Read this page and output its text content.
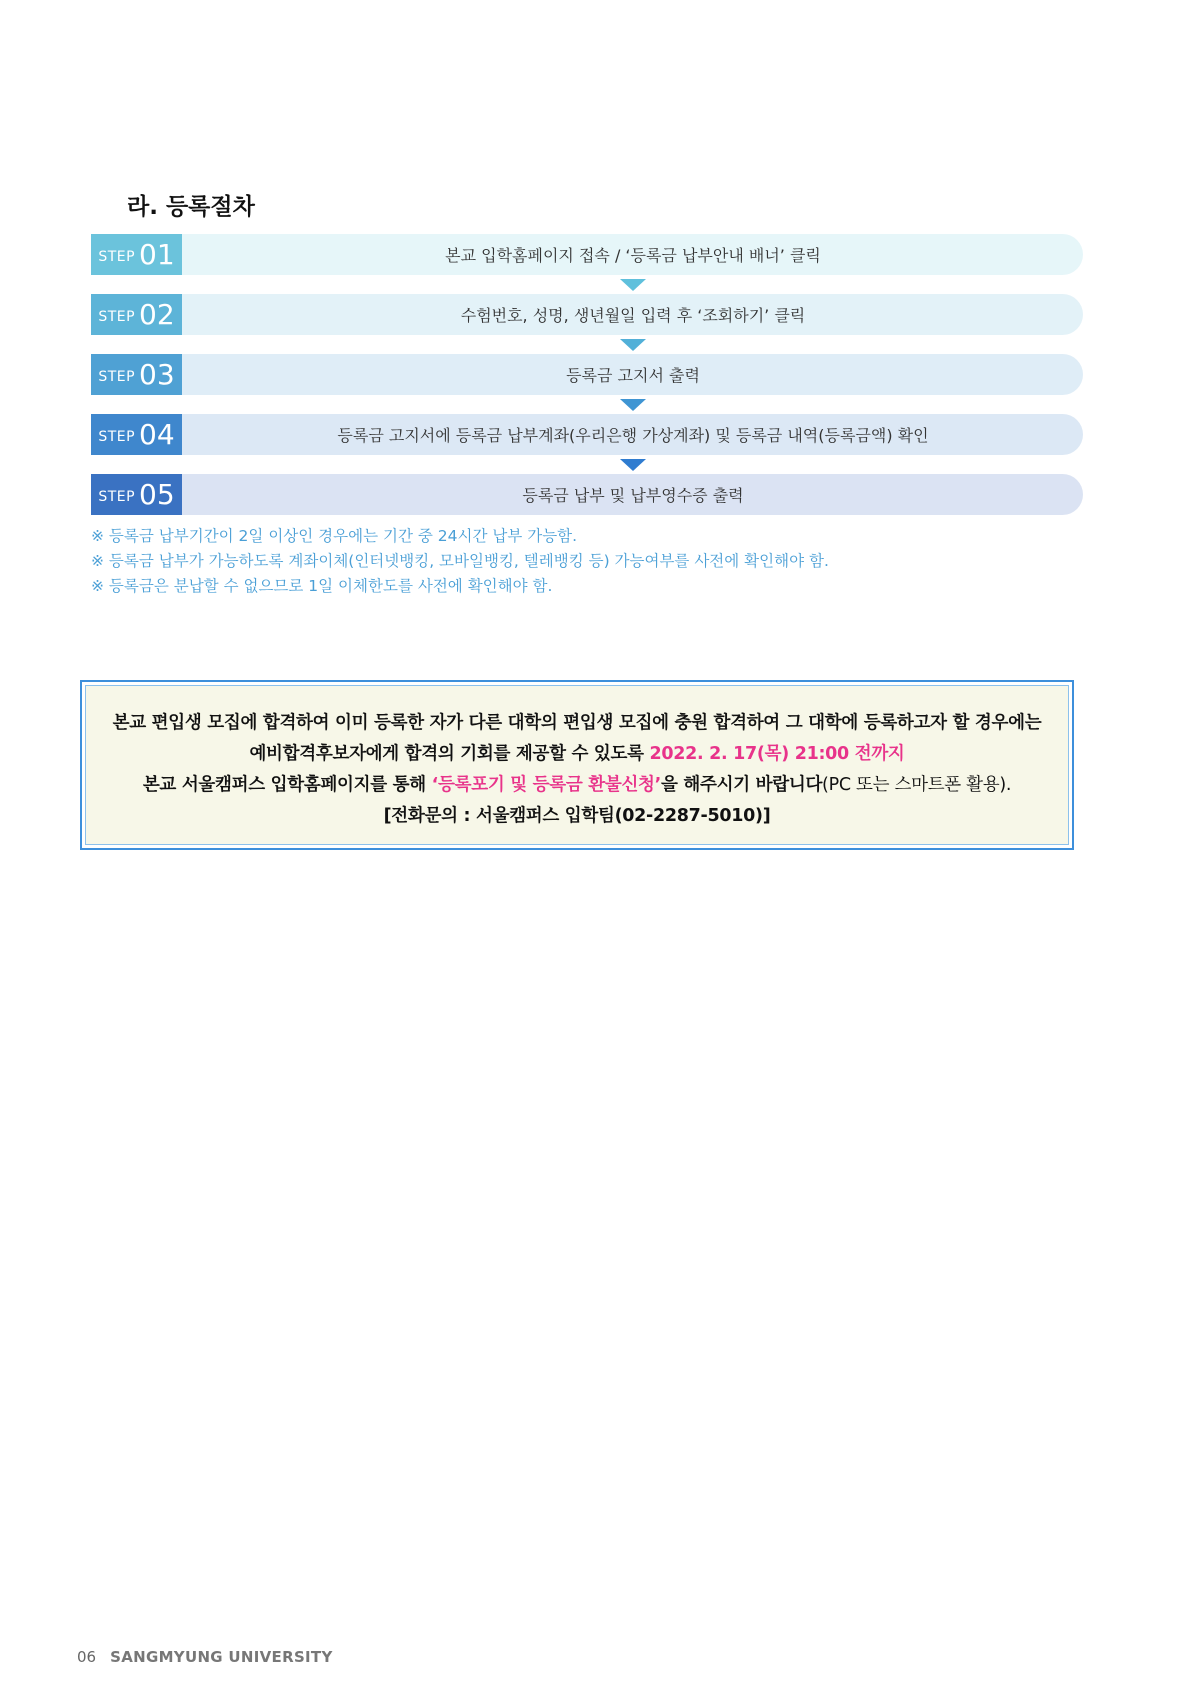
라. 등록절차
STEP 01	본교 입학홈페이지 접속 / ‘등록금 납부안내 배너’ 클릭
STEP 02	수험번호, 성명, 생년월일 입력 후 ‘조회하기’ 클릭
STEP 03	등록금 고지서 출력
STEP 04	등록금 고지서에 등록금 납부계좌(우리은행 가상계좌) 및 등록금 내역(등록금액) 확인
STEP 05	등록금 납부 및 납부영수증 출력

※ 등록금 납부기간이 2일 이상인 경우에는 기간 중 24시간 납부 가능함.

※ 등록금 납부가 가능하도록 계좌이체(인터넷뱅킹, 모바일뱅킹, 텔레뱅킹 등) 가능여부를 사전에 확인해야 함.

※ 등록금은 분납할 수 없으므로 1일 이체한도를 사전에 확인해야 함.

본교 편입생 모집에 합격하여 이미 등록한 자가 다른 대학의 편입생 모집에 충원 합격하여 그 대학에 등록하고자 할 경우에는

예비합격후보자에게 합격의 기회를 제공할 수 있도록 2022. 2. 17(목) 21:00 전까지

본교 서울캠퍼스 입학홈페이지를 통해 ‘등록포기 및 등록금 환불신청’을 해주시기 바랍니다(PC 또는 스마트폰 활용).

[전화문의 : 서울캠퍼스 입학팀(02-2287-5010)]

06 SANGMYUNG UNIVERSITY
